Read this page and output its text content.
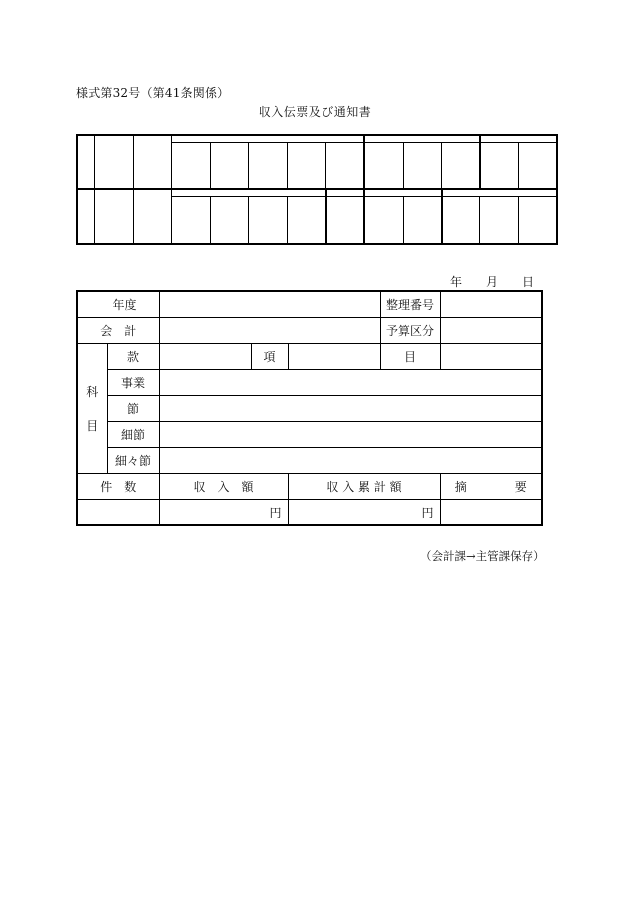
様式第32号（第41条関係）
収入伝票及び通知書
年 月 日
年度					整理番号	
会　計					予算区分	

科
目	款		項		目	
	事業					
	節					
	細節					
	細々節					
件　数		収　入　額		収 入 累 計 額		摘　　　　要
		円		円		
（会計課→主管課保存）
